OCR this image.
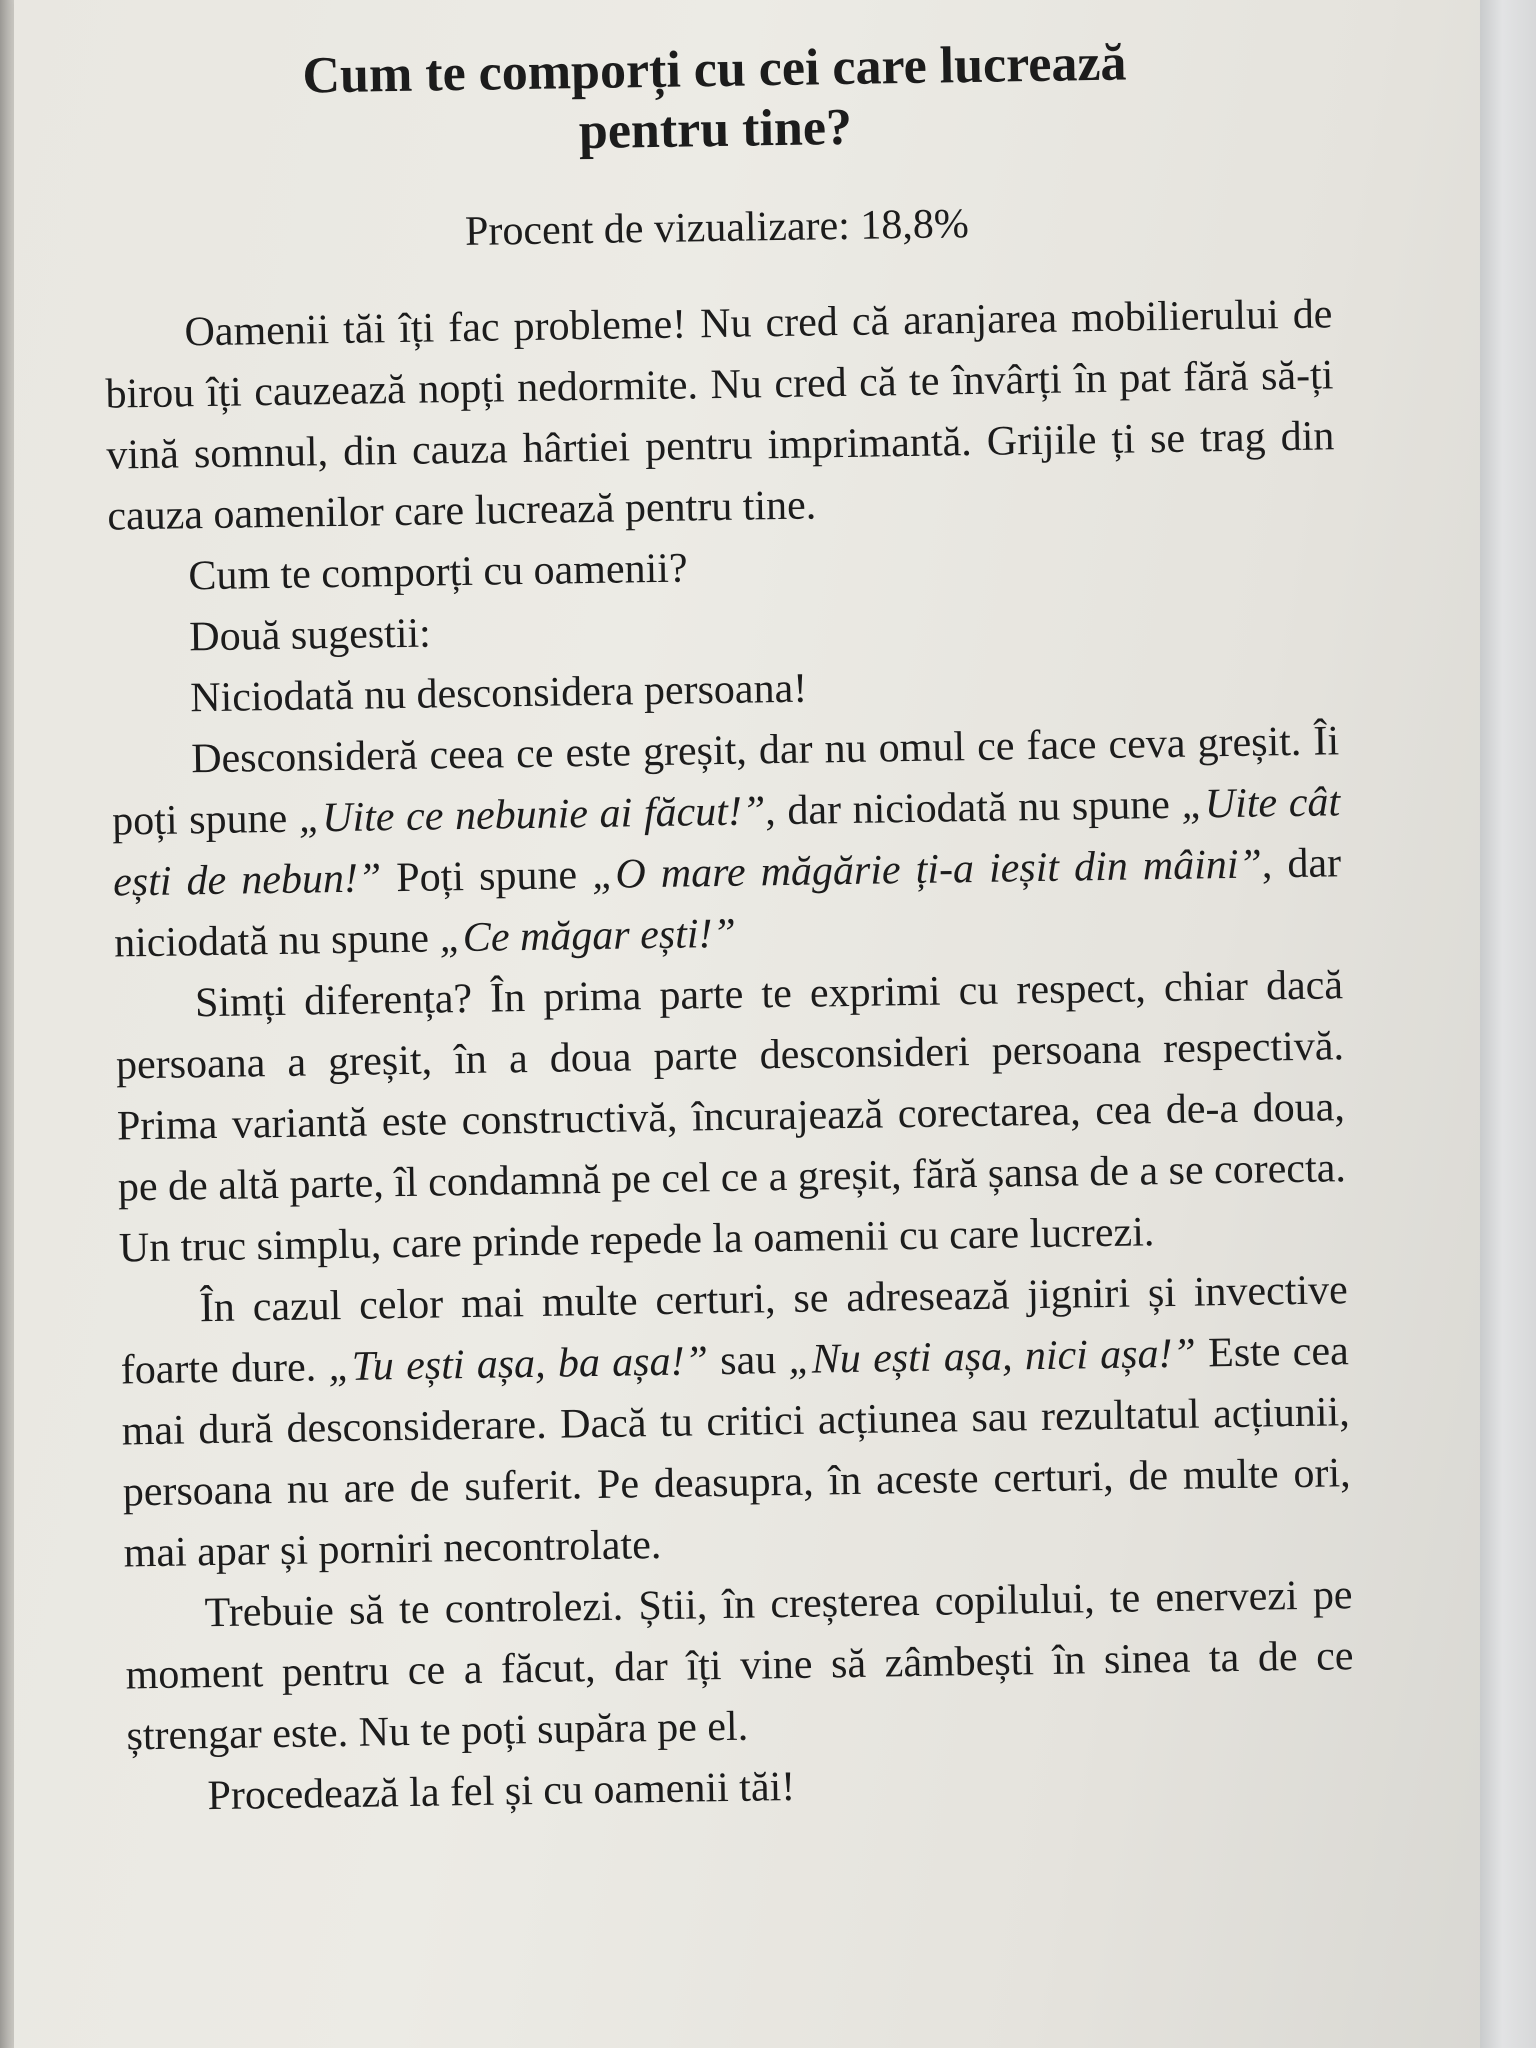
Cum te comporți cu cei care lucrează
pentru tine?
Procent de vizualizare: 18,8%

Oamenii tăi îți fac probleme! Nu cred că aranjarea mobilierului de birou îți cauzează nopți nedormite. Nu cred că te învârți în pat fără să-ți vină somnul, din cauza hârtiei pentru imprimantă. Grijile ți se trag din cauza oamenilor care lucrează pentru tine.

Cum te comporți cu oamenii?

Două sugestii:

Niciodată nu desconsidera persoana!

Desconsideră ceea ce este greșit, dar nu omul ce face ceva greșit. Îi poți spune „Uite ce nebunie ai făcut!”, dar niciodată nu spune „Uite cât ești de nebun!” Poți spune „O mare măgărie ți-a ieșit din mâini”, dar niciodată nu spune „Ce măgar ești!”

Simți diferența? În prima parte te exprimi cu respect, chiar dacă persoana a greșit, în a doua parte desconsideri persoana respectivă. Prima variantă este constructivă, încurajează corectarea, cea de-a doua, pe de altă parte, îl condamnă pe cel ce a greșit, fără șansa de a se corecta. Un truc simplu, care prinde repede la oamenii cu care lucrezi.

În cazul celor mai multe certuri, se adresează jigniri și invective foarte dure. „Tu ești așa, ba așa!” sau „Nu ești așa, nici așa!” Este cea mai dură desconsiderare. Dacă tu critici acțiunea sau rezultatul acțiunii, persoana nu are de suferit. Pe deasupra, în aceste certuri, de multe ori, mai apar și porniri necontrolate.

Trebuie să te controlezi. Știi, în creșterea copilului, te enervezi pe moment pentru ce a făcut, dar îți vine să zâmbești în sinea ta de ce ștrengar este. Nu te poți supăra pe el.

Procedează la fel și cu oamenii tăi!
